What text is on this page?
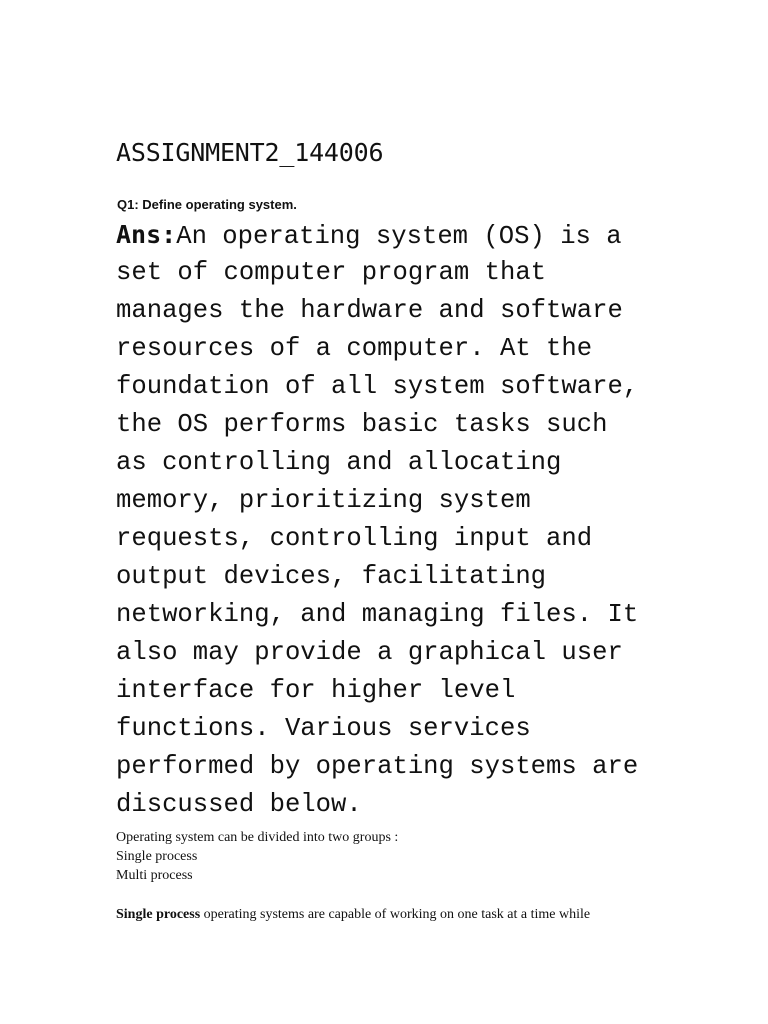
ASSIGNMENT2_144006
Q1: Define operating system.
Ans:An operating system (OS) is a
set of computer program that
manages the hardware and software
resources of a computer. At the
foundation of all system software,
the OS performs basic tasks such
as controlling and allocating
memory, prioritizing system
requests, controlling input and
output devices, facilitating
networking, and managing files. It
also may provide a graphical user
interface for higher level
functions. Various services
performed by operating systems are
discussed below.
Operating system can be divided into two groups :
Single process
Multi process
Single process operating systems are capable of working on one task at a time while
